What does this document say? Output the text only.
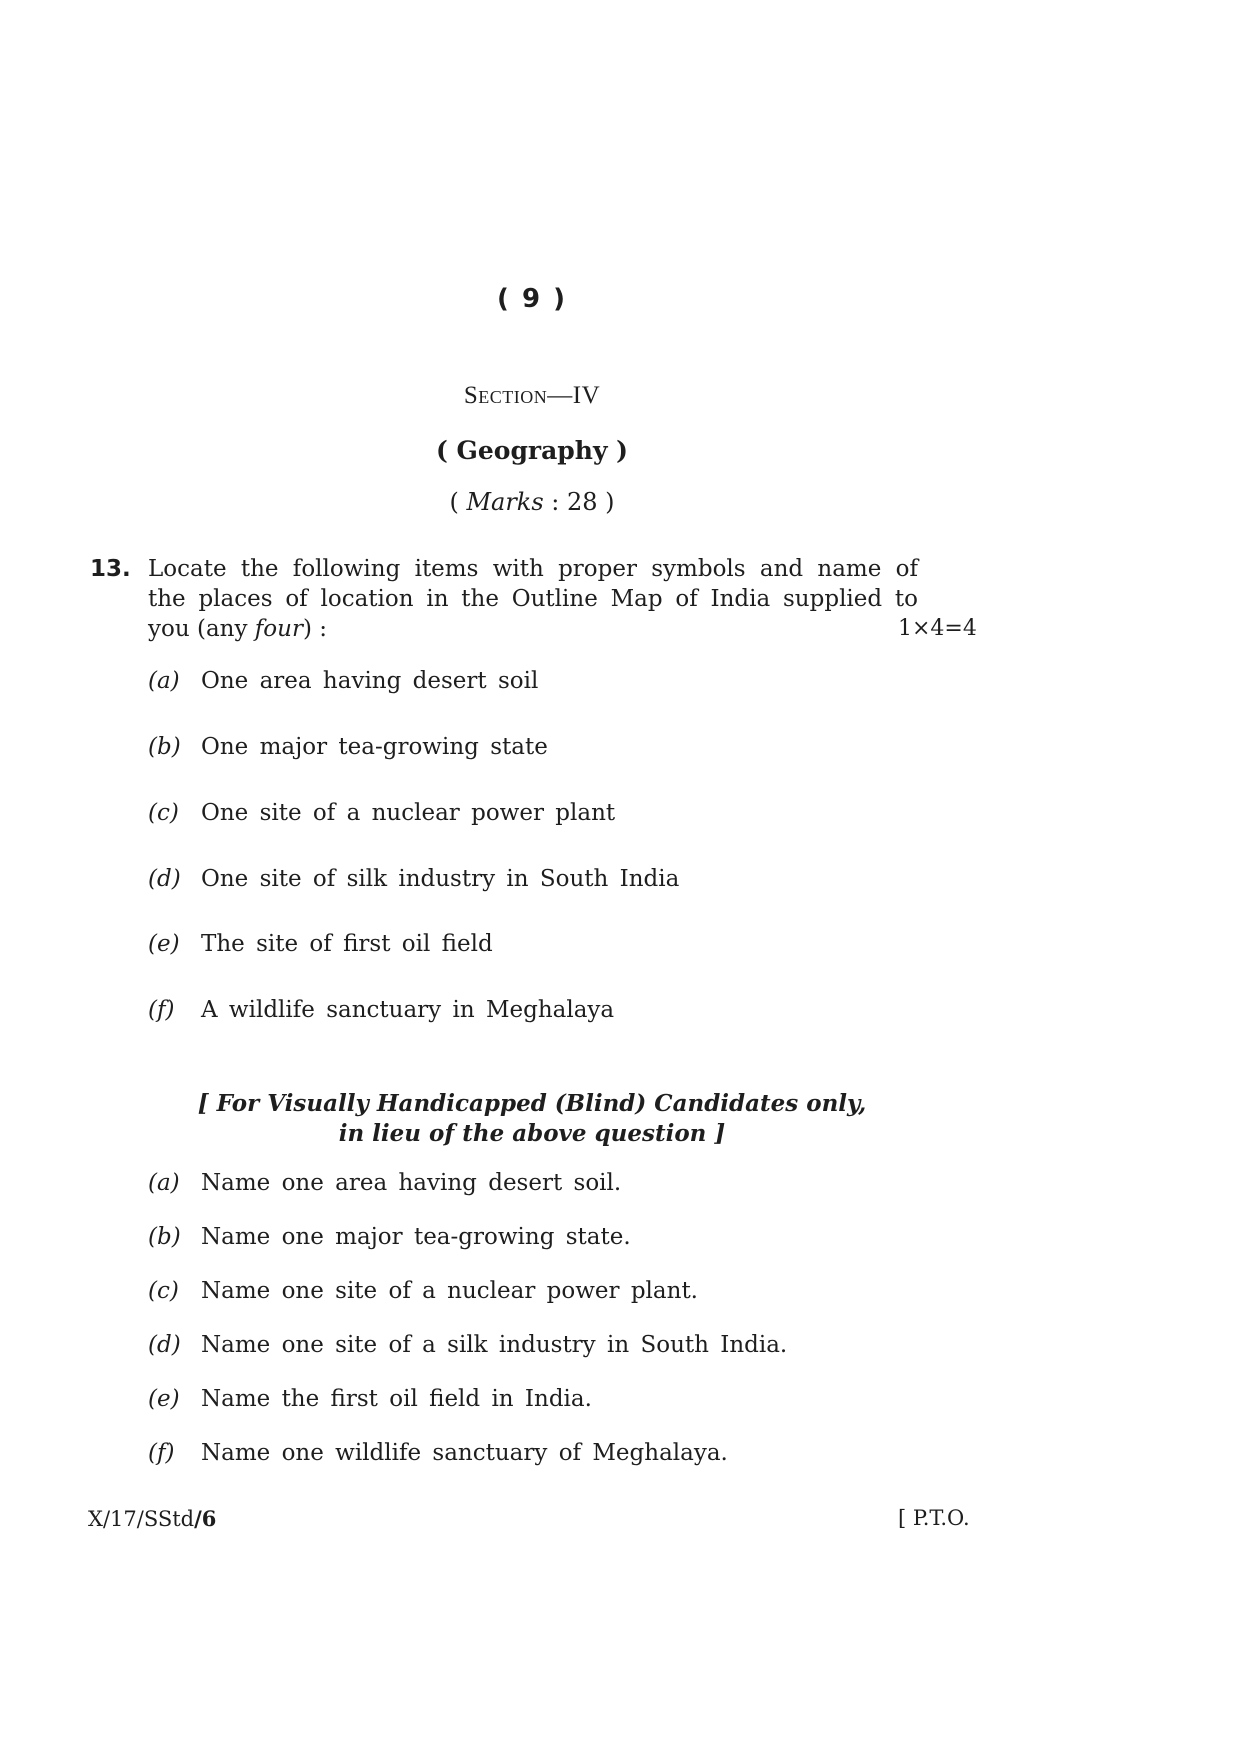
( 9 )
Section—IV
( Geography )
( Marks : 28 )
13. Locate the following items with proper symbols and name of
the places of location in the Outline Map of India supplied to
you (any four) :	1×4=4
(a) One area having desert soil
(b) One major tea-growing state
(c) One site of a nuclear power plant
(d) One site of silk industry in South India
(e) The site of first oil field
(f) A wildlife sanctuary in Meghalaya
[ For Visually Handicapped (Blind) Candidates only,
in lieu of the above question ]
(a) Name one area having desert soil.
(b) Name one major tea-growing state.
(c) Name one site of a nuclear power plant.
(d) Name one site of a silk industry in South India.
(e) Name the first oil field in India.
(f) Name one wildlife sanctuary of Meghalaya.
X/17/SStd/6	[ P.T.O.
